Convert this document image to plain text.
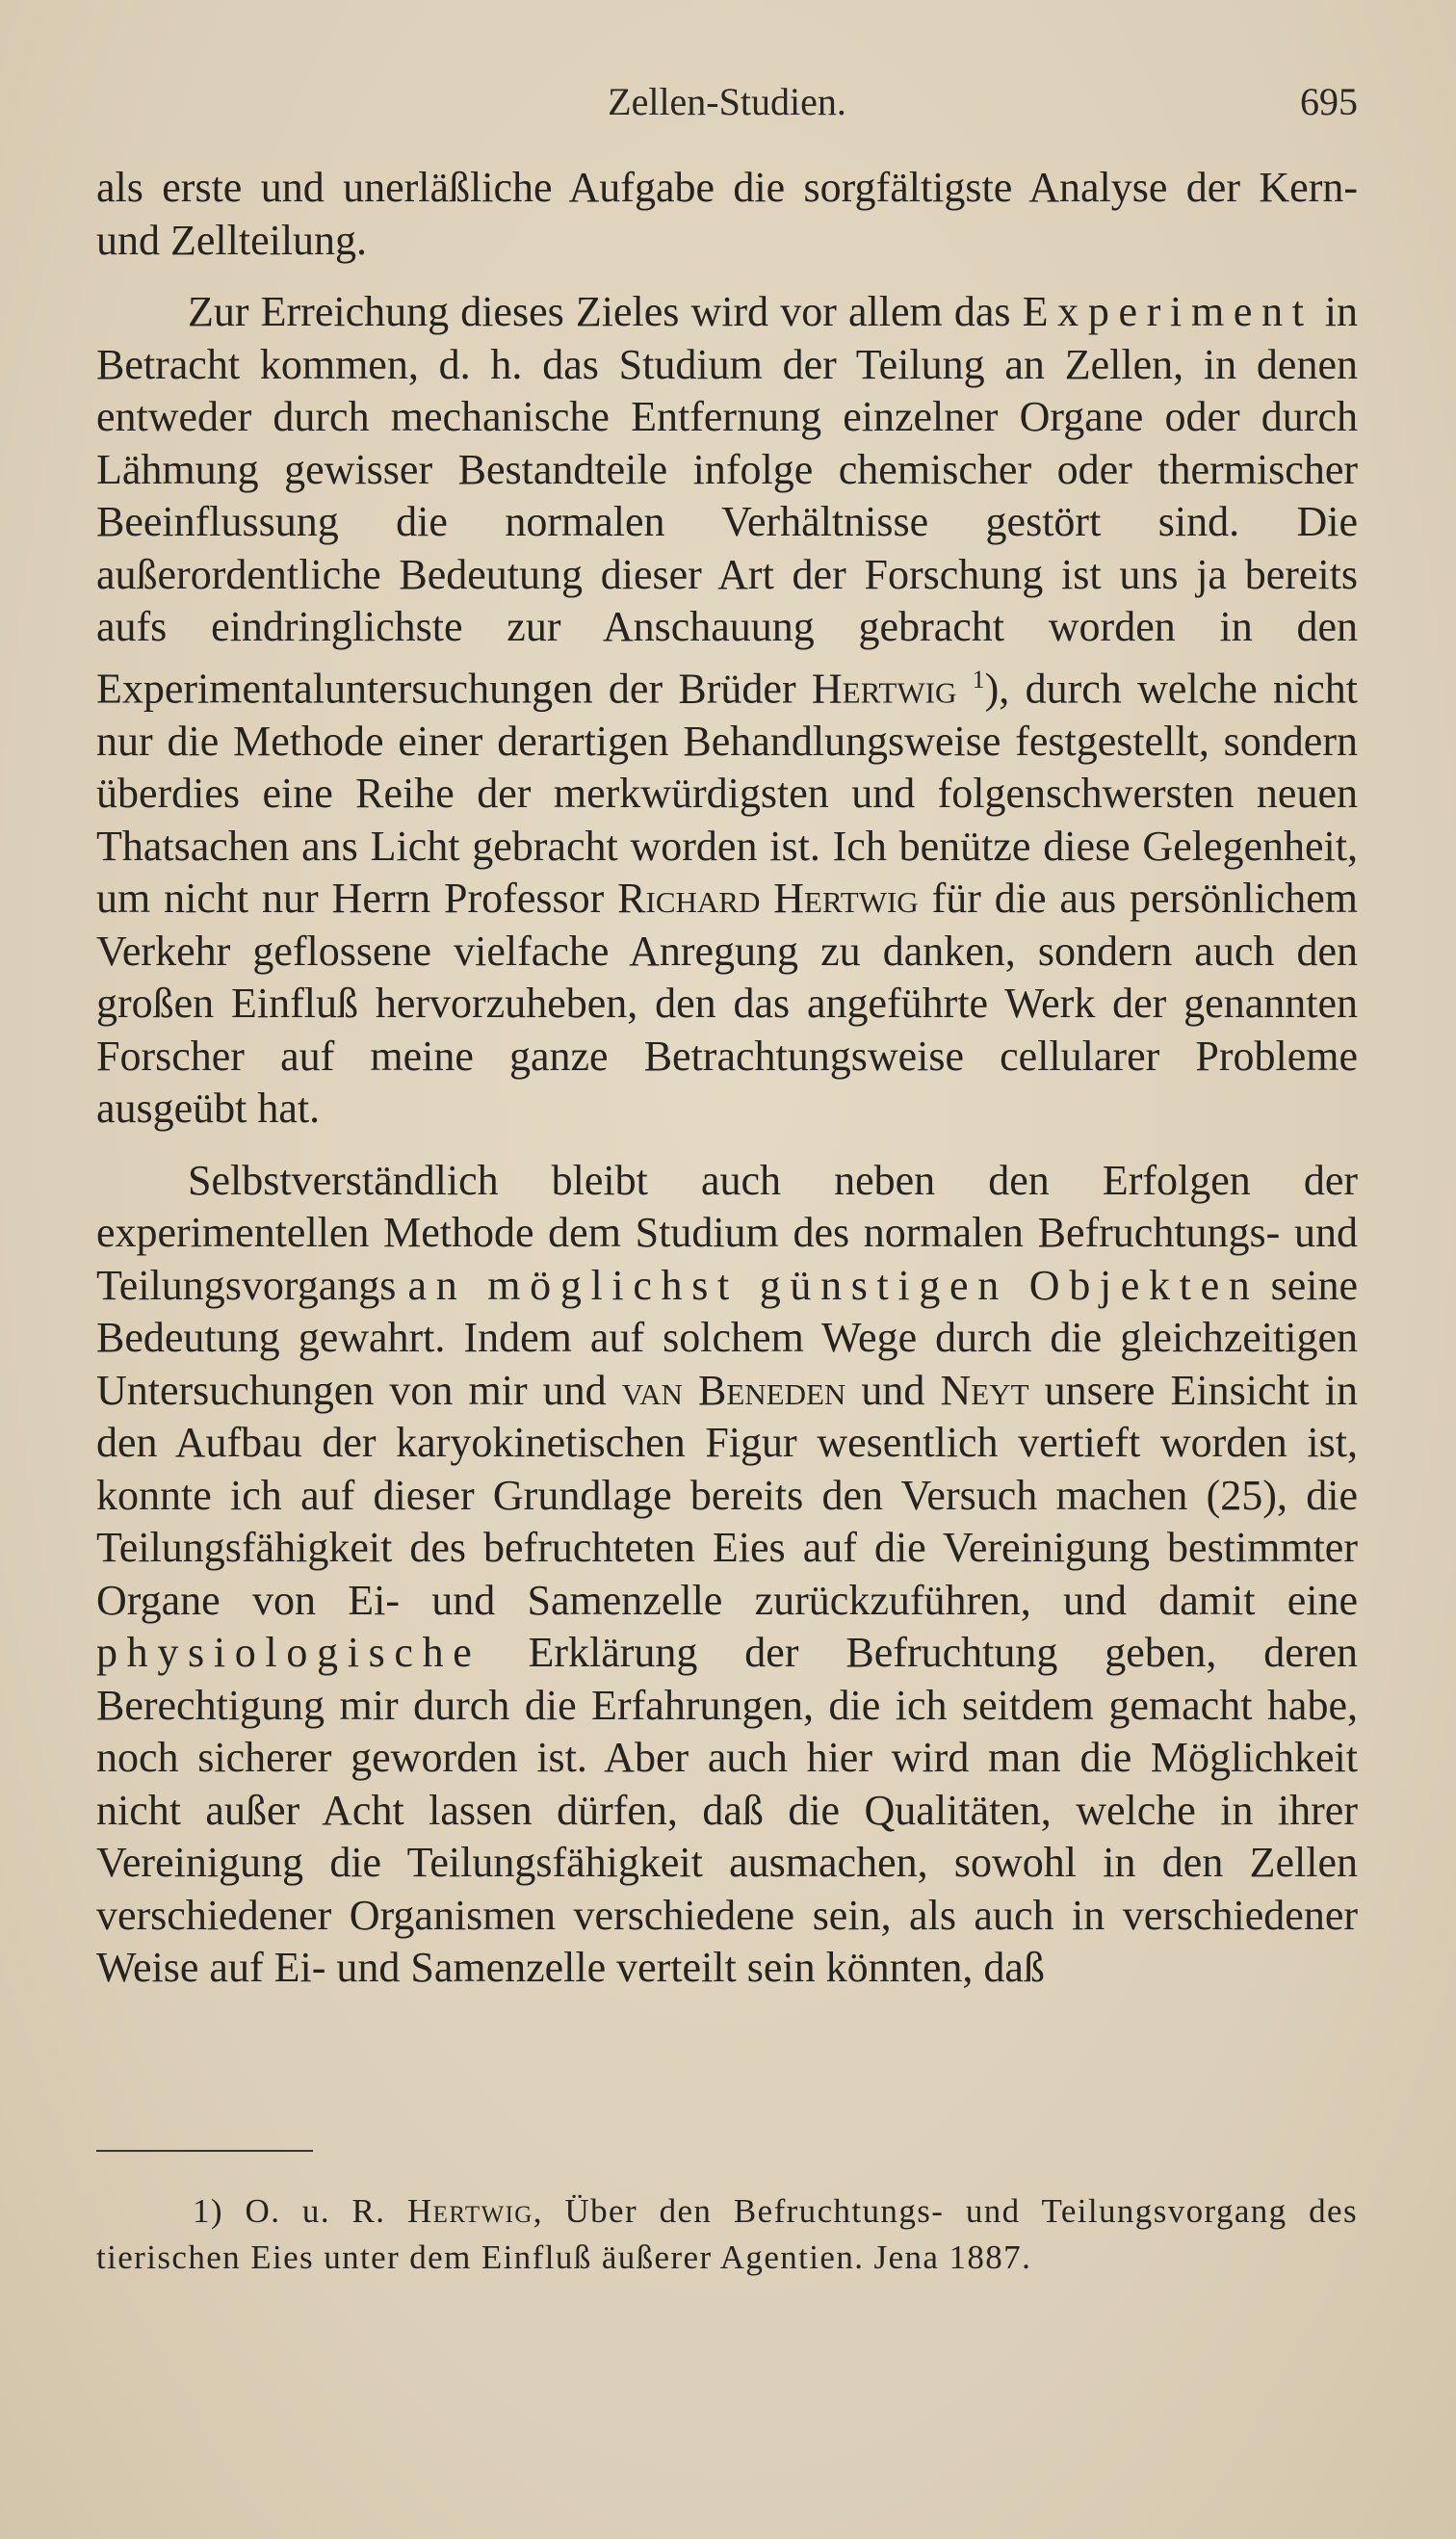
Zellen-Studien.	695

als erste und unerläßliche Aufgabe die sorgfältigste Analyse der Kern- und Zellteilung.

Zur Erreichung dieses Zieles wird vor allem das Experiment in Betracht kommen, d. h. das Studium der Teilung an Zellen, in denen entweder durch mechanische Entfernung einzelner Organe oder durch Lähmung gewisser Bestandteile infolge chemischer oder thermischer Beeinflussung die normalen Verhältnisse gestört sind. Die außerordentliche Bedeutung dieser Art der Forschung ist uns ja bereits aufs eindringlichste zur Anschauung gebracht worden in den Experimentaluntersuchungen der Brüder Hertwig $^1$), durch welche nicht nur die Methode einer derartigen Behandlungsweise festgestellt, sondern überdies eine Reihe der merkwürdigsten und folgenschwersten neuen Thatsachen ans Licht gebracht worden ist. Ich benütze diese Gelegenheit, um nicht nur Herrn Professor Richard Hertwig für die aus persönlichem Verkehr geflossene vielfache Anregung zu danken, sondern auch den großen Einfluß hervorzuheben, den das angeführte Werk der genannten Forscher auf meine ganze Betrachtungsweise cellularer Probleme ausgeübt hat.

Selbstverständlich bleibt auch neben den Erfolgen der experimentellen Methode dem Studium des normalen Befruchtungs- und Teilungsvorgangs an möglichst günstigen Objekten seine Bedeutung gewahrt. Indem auf solchem Wege durch die gleichzeitigen Untersuchungen von mir und van Beneden und Neyt unsere Einsicht in den Aufbau der karyokinetischen Figur wesentlich vertieft worden ist, konnte ich auf dieser Grundlage bereits den Versuch machen (25), die Teilungsfähigkeit des befruchteten Eies auf die Vereinigung bestimmter Organe von Ei- und Samenzelle zurückzuführen, und damit eine physiologische Erklärung der Befruchtung geben, deren Berechtigung mir durch die Erfahrungen, die ich seitdem gemacht habe, noch sicherer geworden ist. Aber auch hier wird man die Möglichkeit nicht außer Acht lassen dürfen, daß die Qualitäten, welche in ihrer Vereinigung die Teilungsfähigkeit ausmachen, sowohl in den Zellen verschiedener Organismen verschiedene sein, als auch in verschiedener Weise auf Ei- und Samenzelle verteilt sein könnten, daß

1) O. u. R. Hertwig, Über den Befruchtungs- und Teilungsvorgang des tierischen Eies unter dem Einfluß äußerer Agentien. Jena 1887.
